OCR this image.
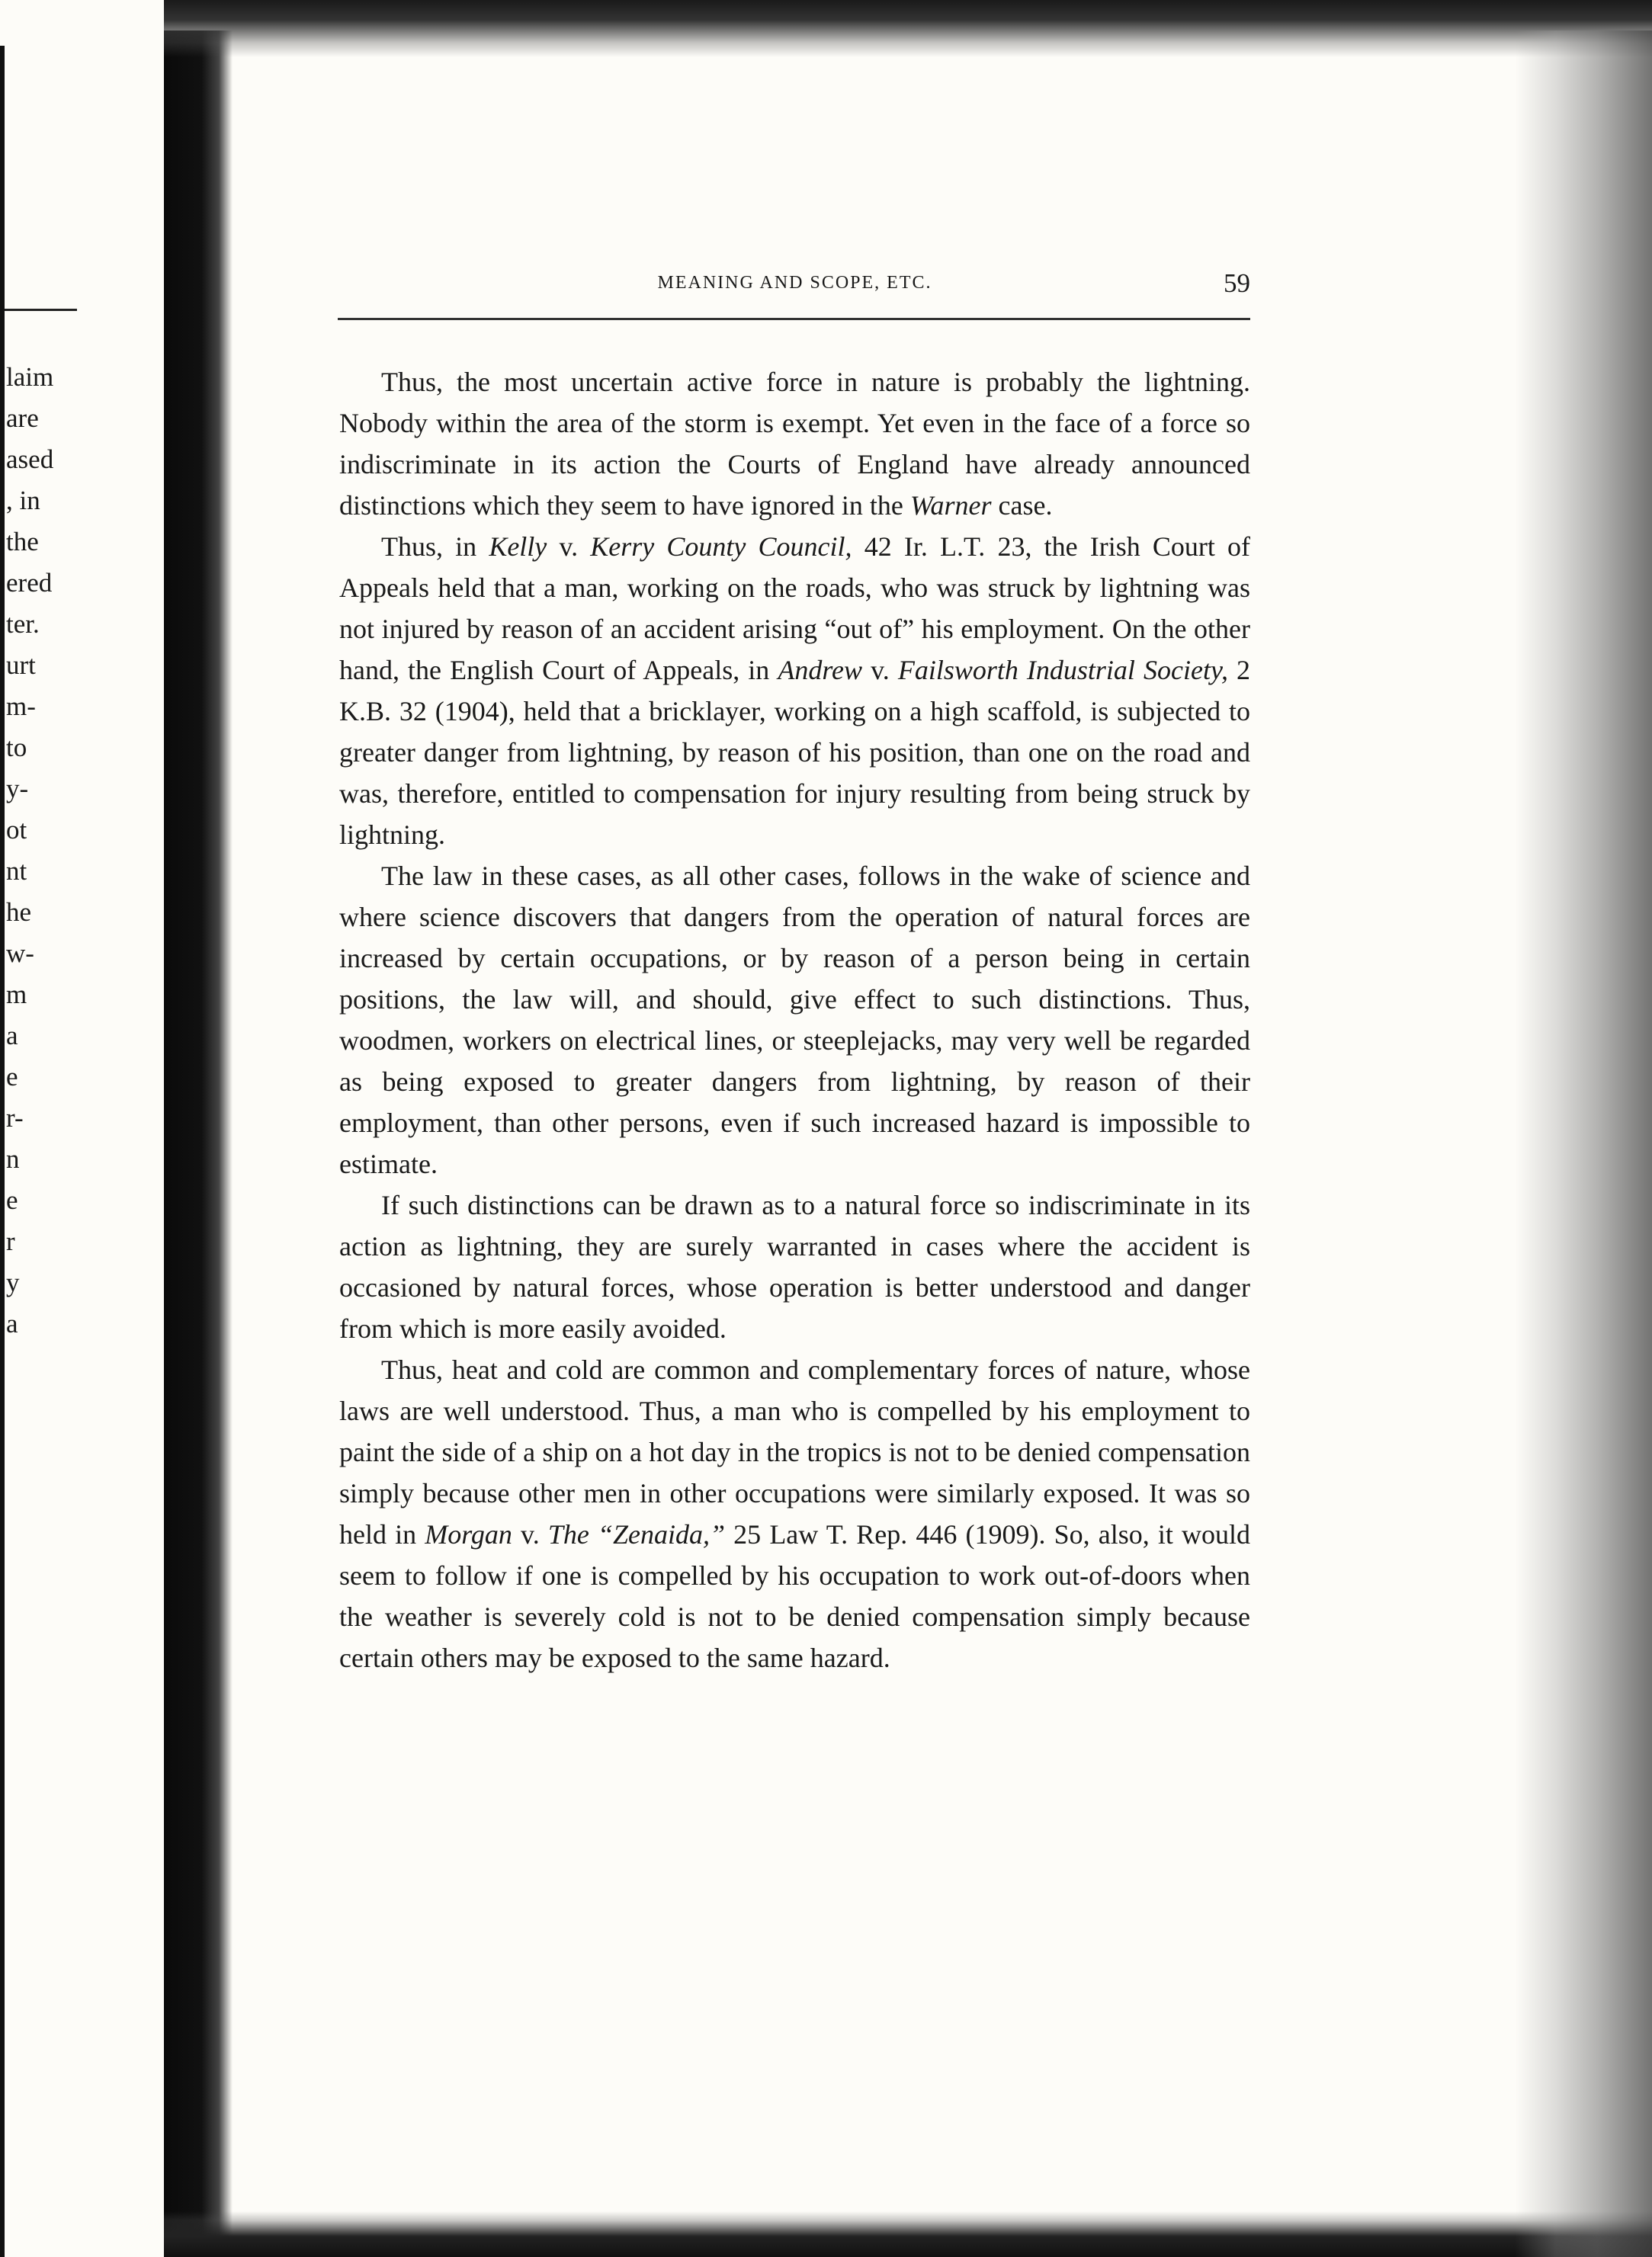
laim
are
ased
, in
the
ered
ter.
urt
m-
to
y-
ot
nt
he
w-
m
a
e
r-
n
e
r
y
a
MEANING AND SCOPE, ETC.	59

Thus, the most uncertain active force in nature is probably the lightning. Nobody within the area of the storm is exempt. Yet even in the face of a force so indiscriminate in its action the Courts of England have already announced distinctions which they seem to have ignored in the Warner case.

Thus, in Kelly v. Kerry County Council, 42 Ir. L.T. 23, the Irish Court of Appeals held that a man, working on the roads, who was struck by lightning was not injured by reason of an accident arising “out of” his employment. On the other hand, the English Court of Appeals, in Andrew v. Failsworth Industrial Society, 2 K.B. 32 (1904), held that a bricklayer, working on a high scaffold, is subjected to greater danger from lightning, by reason of his position, than one on the road and was, therefore, entitled to compensation for injury resulting from being struck by lightning.

The law in these cases, as all other cases, follows in the wake of science and where science discovers that dangers from the operation of natural forces are increased by certain occupations, or by reason of a person being in certain positions, the law will, and should, give effect to such distinctions. Thus, woodmen, workers on electrical lines, or steeplejacks, may very well be regarded as being exposed to greater dangers from lightning, by reason of their employment, than other persons, even if such increased hazard is impossible to estimate.

If such distinctions can be drawn as to a natural force so indiscriminate in its action as lightning, they are surely warranted in cases where the accident is occasioned by natural forces, whose operation is better understood and danger from which is more easily avoided.

Thus, heat and cold are common and complementary forces of nature, whose laws are well understood. Thus, a man who is compelled by his employment to paint the side of a ship on a hot day in the tropics is not to be denied compensation simply because other men in other occupations were similarly exposed. It was so held in Morgan v. The “Zenaida,” 25 Law T. Rep. 446 (1909). So, also, it would seem to follow if one is compelled by his occupation to work out-of-doors when the weather is severely cold is not to be denied compensation simply because certain others may be exposed to the same hazard.
